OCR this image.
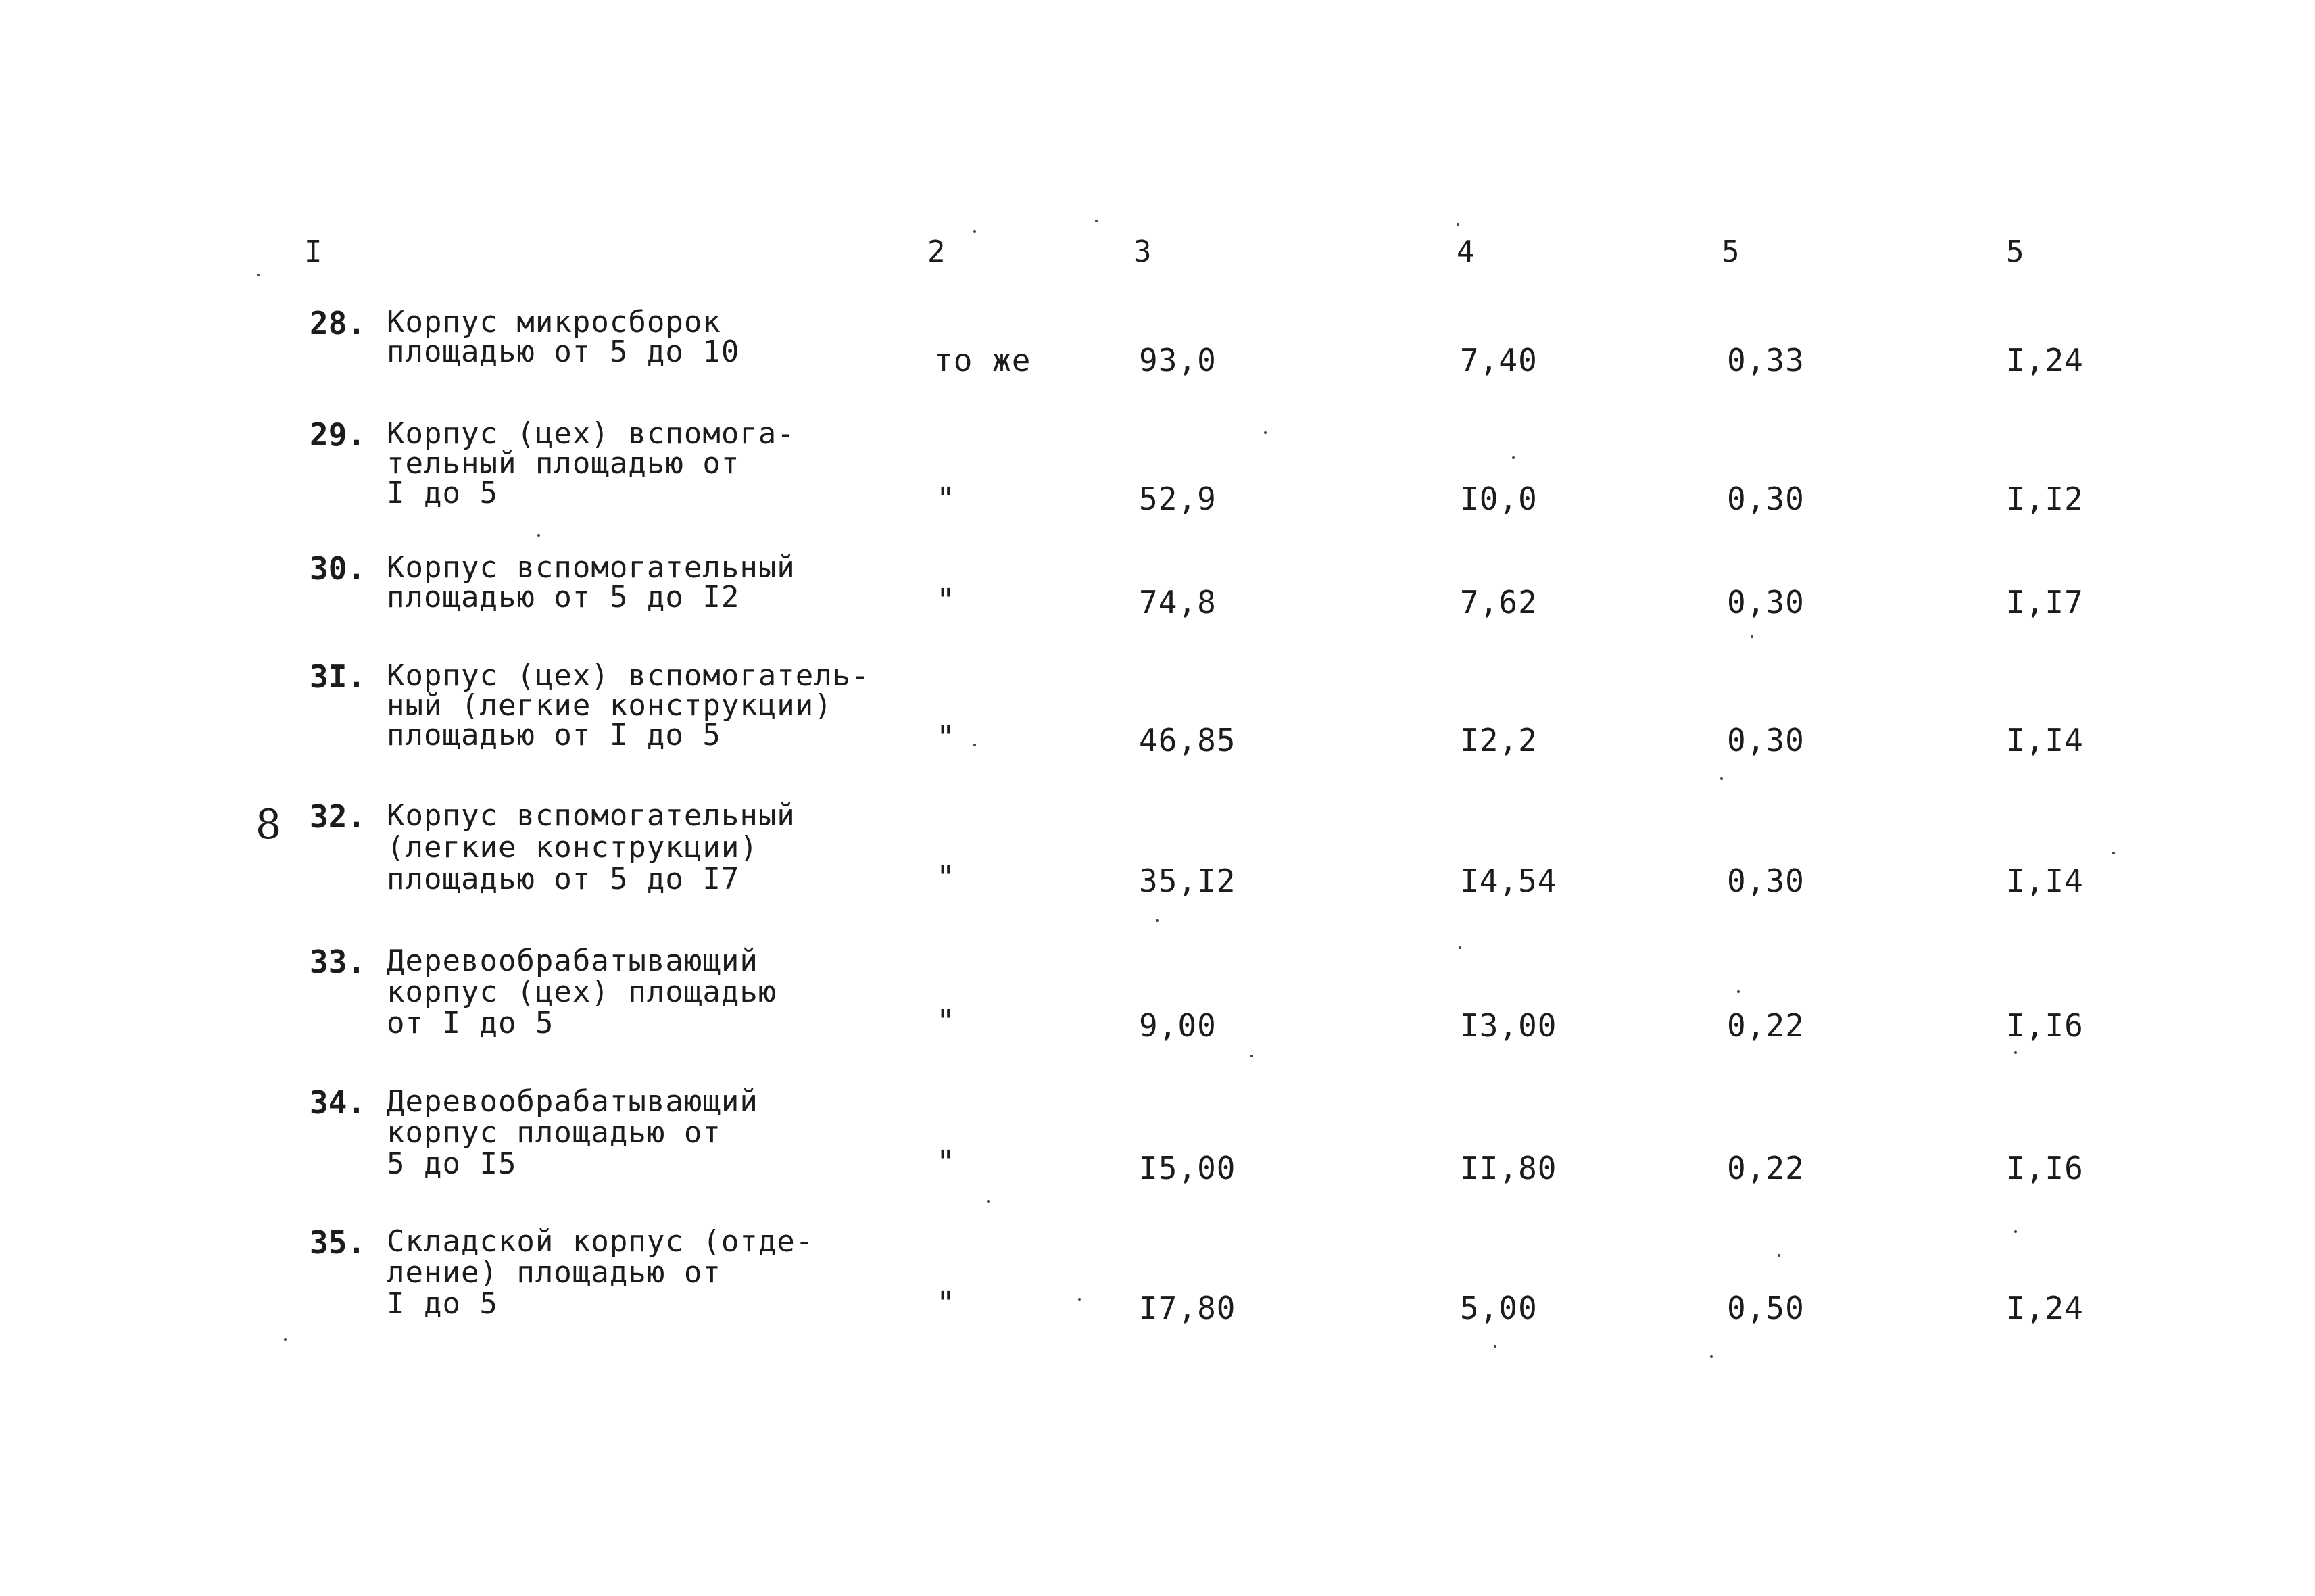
I	2	3	4	5	5
8
28. Корпус микросборок
площадью от 5 до 10	то же	93,0	7,40	0,33	I,24
29. Корпус (цех) вспомога-
тельный площадью от
I до 5	"	52,9	I0,0	0,30	I,I2
30. Корпус вспомогательный
площадью от 5 до I2	"	74,8	7,62	0,30	I,I7
3I. Корпус (цех) вспомогатель-
ный (легкие конструкции)
площадью от I до 5	"	46,85	I2,2	0,30	I,I4
32. Корпус вспомогательный
(легкие конструкции)
площадью от 5 до I7	"	35,I2	I4,54	0,30	I,I4
33. Деревообрабатывающий
корпус (цех) площадью
от I до 5	"	9,00	I3,00	0,22	I,I6
34. Деревообрабатывающий
корпус площадью от
5 до I5	"	I5,00	II,80	0,22	I,I6
35. Складской корпус (отде-
ление) площадью от
I до 5	"	I7,80	5,00	0,50	I,24
